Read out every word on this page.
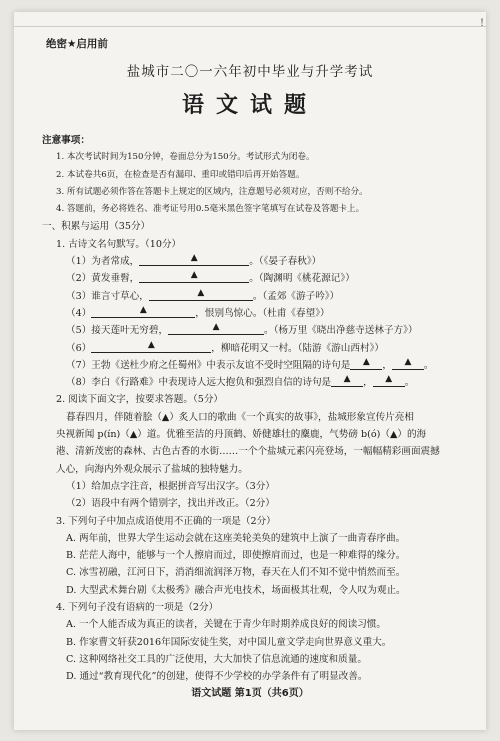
!
绝密★启用前
盐城市二〇一六年初中毕业与升学考试
语文试题
注意事项：
1. 本次考试时间为150分钟，卷面总分为150分。考试形式为闭卷。
2. 本试卷共6页，在检查是否有漏印、重印或错印后再开始答题。
3. 所有试题必须作答在答题卡上规定的区域内，注意题号必须对应，否则不给分。
4. 答题前，务必将姓名、准考证号用0.5毫米黑色签字笔填写在试卷及答题卡上。
一、积累与运用（35分）
1. 古诗文名句默写。（10分）
（1）为者常成，	▲	。（《晏子春秋》）
（2）黄发垂髫，	▲	。（陶渊明《桃花源记》）
（3）谁言寸草心，	▲	。（孟郊《游子吟》）
（4）	▲	，恨别鸟惊心。（杜甫《春望》）
（5）接天莲叶无穷碧，	▲	。（杨万里《晓出净慈寺送林子方》）
（6）	▲	，柳暗花明又一村。（陆游《游山西村》）
（7）王勃《送杜少府之任蜀州》中表示友谊不受时空阻隔的诗句是 ▲ ， ▲ 。
（8）李白《行路难》中表现诗人远大抱负和强烈自信的诗句是 ▲ ， ▲ 。
2. 阅读下面文字，按要求答题。（5分）
暮春四月，伴随着脍（▲）炙人口的歌曲《一个真实的故事》，盐城形象宣传片亮相
央视新闻 p(ín)（▲）道。优雅至洁的丹顶鹤、娇健雄壮的麋鹿，气势磅 b(ó)（▲）的海
港、清新茂密的森林、古色古香的水街……一个个盐城元素闪亮登场，一幅幅精彩画面震撼
人心，向海内外观众展示了盐城的独特魅力。
（1）给加点字注音，根据拼音写出汉字。（3分）
（2）语段中有两个错别字，找出并改正。（2分）
3. 下列句子中加点成语使用不正确的一项是（2分）
A. 两年前，世界大学生运动会就在这座美轮美奂的建筑中上演了一曲青春序曲。
B. 茫茫人海中，能够与一个人擦肩而过，即使擦肩而过，也是一种难得的缘分。
C. 冰雪初融，江河日下，消消细流润泽万物，春天在人们不知不觉中悄然而至。
D. 大型武术舞台剧《太极秀》融合声光电技术，场面极其壮观，令人叹为观止。
4. 下列句子没有语病的一项是（2分）
A. 一个人能否成为真正的读者，关键在于青少年时期养成良好的阅读习惯。
B. 作家曹文轩获2016年国际安徒生奖，对中国儿童文学走向世界意义重大。
C. 这种网络社交工具的广泛使用，大大加快了信息流通的速度和质量。
D. 通过“教育现代化”的创建，使得不少学校的办学条件有了明显改善。
语文试题 第1页（共6页）
